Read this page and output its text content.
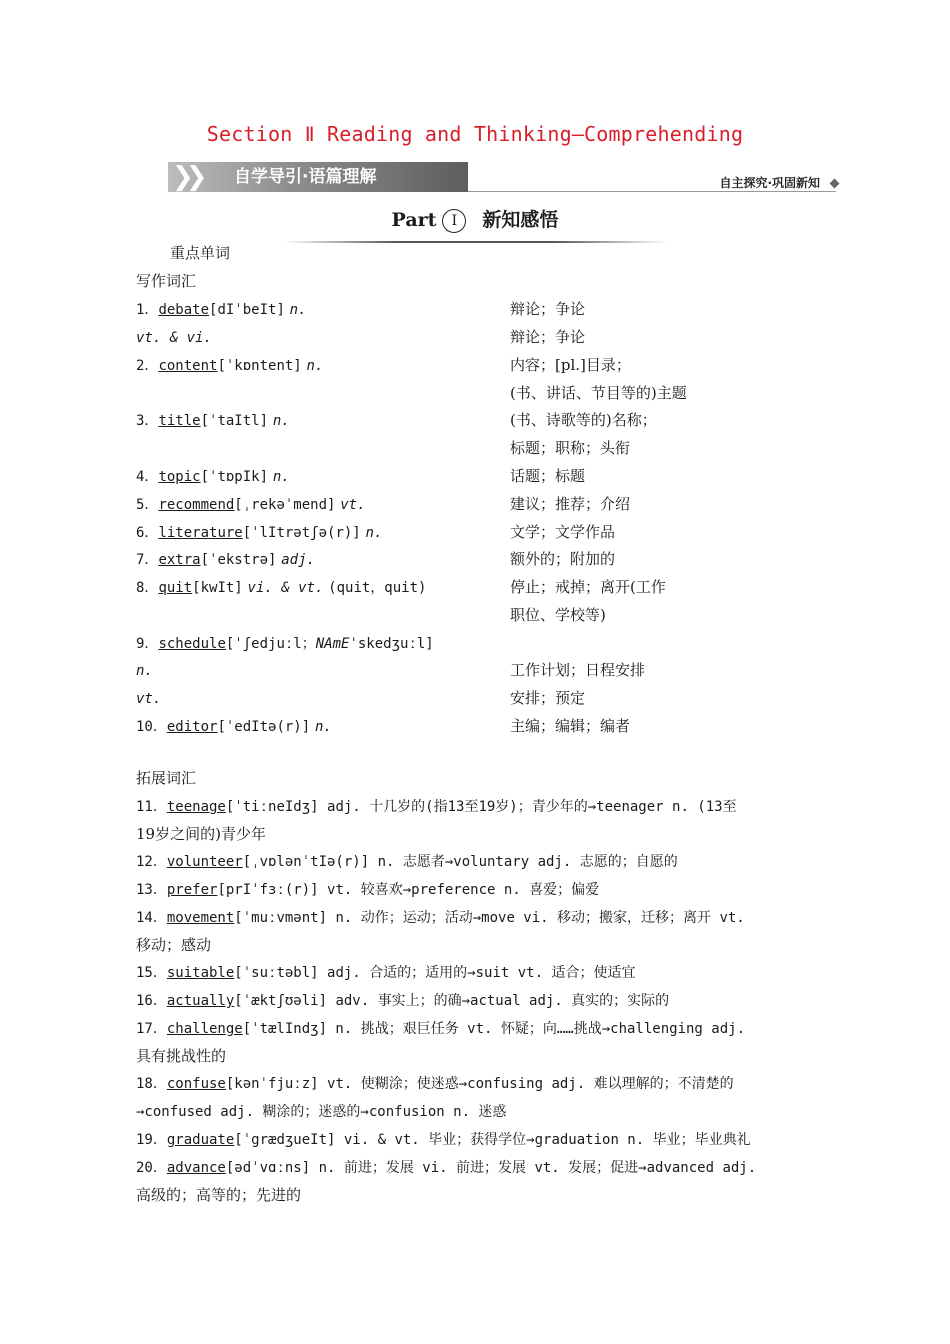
Section Ⅱ Reading and Thinking—Comprehending
❯❯ 自学导引·语篇理解	自主探究·巩固新知
Part Ⅰ 新知感悟
重点单词
写作词汇
1．debate[dIˈbeIt] n.	辩论；争论
vt. & vi.	辩论；争论
2．content[ˈkɒntent] n.	内容；[pl.]目录；
(书、讲话、节目等的)主题
3．title[ˈtaItl] n.	(书、诗歌等的)名称；
标题；职称；头衔
4．topic[ˈtɒpIk] n.	话题；标题
5．recommend[ˌrekəˈmend] vt.	建议；推荐；介绍
6．literature[ˈlItrətʃə(r)] n.	文学；文学作品
7．extra[ˈekstrə] adj.	额外的；附加的
8．quit[kwIt] vi. & vt. (quit，quit)	停止；戒掉；离开(工作
职位、学校等)
9．schedule[ˈʃedjuːl；NAmEˈskedʒuːl]
n.	工作计划；日程安排
vt.	安排；预定
10．editor[ˈedItə(r)] n.	主编；编辑；编者
拓展词汇
11．teenage[ˈtiːneIdʒ] adj. 十几岁的(指13至19岁)；青少年的→teenager n. (13至
19岁之间的)青少年
12．volunteer[ˌvɒlənˈtIə(r)] n. 志愿者→voluntary adj. 志愿的；自愿的
13．prefer[prIˈfɜː(r)] vt. 较喜欢→preference n. 喜爱；偏爱
14．movement[ˈmuːvmənt] n. 动作；运动；活动→move vi. 移动；搬家，迁移；离开 vt.
移动；感动
15．suitable[ˈsuːtəbl] adj. 合适的；适用的→suit vt. 适合；使适宜
16．actually[ˈæktʃʊəli] adv. 事实上；的确→actual adj. 真实的；实际的
17．challenge[ˈtælIndʒ] n. 挑战；艰巨任务 vt. 怀疑；向……挑战→challenging adj.
具有挑战性的
18．confuse[kənˈfjuːz] vt. 使糊涂；使迷惑→confusing adj. 难以理解的；不清楚的
→confused adj. 糊涂的；迷惑的→confusion n. 迷惑
19．graduate[ˈgrædʒueIt] vi. & vt. 毕业；获得学位→graduation n. 毕业；毕业典礼
20．advance[ədˈvɑːns] n. 前进；发展 vi. 前进；发展 vt. 发展；促进→advanced adj.
高级的；高等的；先进的
